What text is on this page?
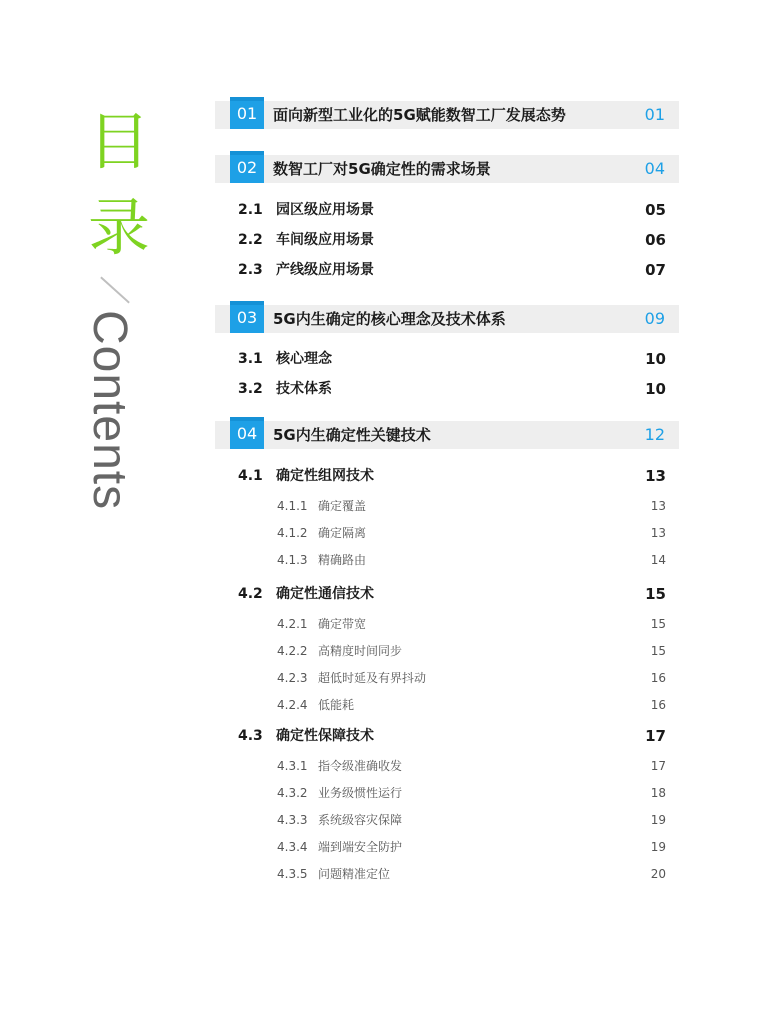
目
录
Contents
01	面向新型工业化的5G赋能数智工厂发展态势	01
02	数智工厂对5G确定性的需求场景	04
2.1 园区级应用场景	05
2.2 车间级应用场景	06
2.3 产线级应用场景	07
03	5G内生确定的核心理念及技术体系	09
3.1 核心理念	10
3.2 技术体系	10
04	5G内生确定性关键技术	12
4.1 确定性组网技术	13
4.1.1 确定覆盖	13
4.1.2 确定隔离	13
4.1.3 精确路由	14
4.2 确定性通信技术	15
4.2.1 确定带宽	15
4.2.2 高精度时间同步	15
4.2.3 超低时延及有界抖动	16
4.2.4 低能耗	16
4.3 确定性保障技术	17
4.3.1 指令级准确收发	17
4.3.2 业务级惯性运行	18
4.3.3 系统级容灾保障	19
4.3.4 端到端安全防护	19
4.3.5 问题精准定位	20
